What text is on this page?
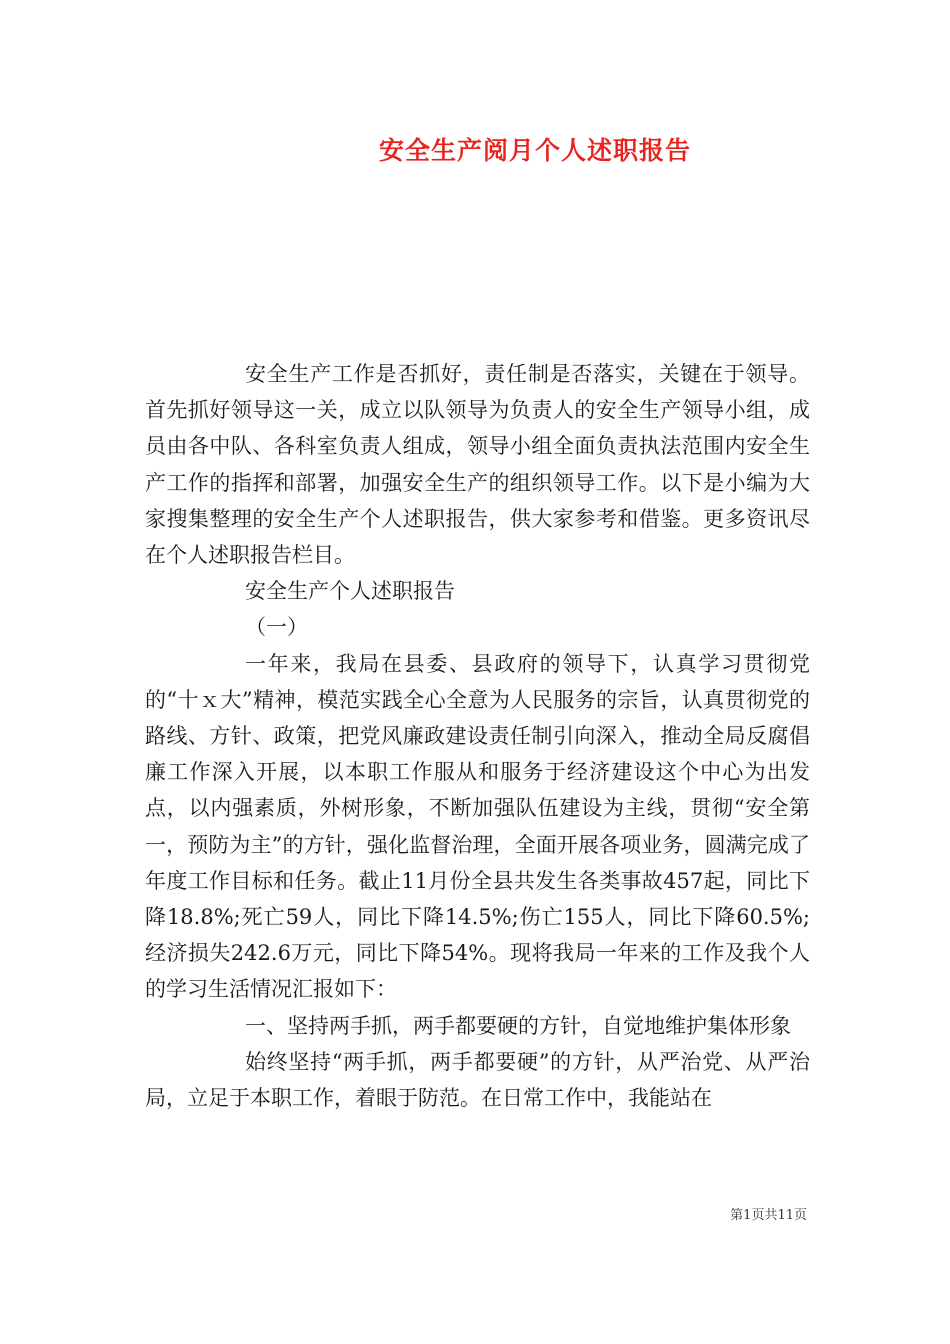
安全生产阅月个人述职报告

安全生产工作是否抓好，责任制是否落实，关键在于领导。首先抓好领导这一关，成立以队领导为负责人的安全生产领导小组，成员由各中队、各科室负责人组成，领导小组全面负责执法范围内安全生产工作的指挥和部署，加强安全生产的组织领导工作。以下是小编为大家搜集整理的安全生产个人述职报告，供大家参考和借鉴。更多资讯尽在个人述职报告栏目。

安全生产个人述职报告

（一）

一年来，我局在县委、县政府的领导下，认真学习贯彻党的“十ｘ大”精神，模范实践全心全意为人民服务的宗旨，认真贯彻党的路线、方针、政策，把党风廉政建设责任制引向深入，推动全局反腐倡廉工作深入开展，以本职工作服从和服务于经济建设这个中心为出发点，以内强素质，外树形象，不断加强队伍建设为主线，贯彻“安全第一，预防为主”的方针，强化监督治理，全面开展各项业务，圆满完成了年度工作目标和任务。截止11月份全县共发生各类事故457起，同比下降18.8%;死亡59人，同比下降14.5%;伤亡155人，同比下降60.5%;经济损失242.6万元，同比下降54%。现将我局一年来的工作及我个人的学习生活情况汇报如下：

一、坚持两手抓，两手都要硬的方针，自觉地维护集体形象

始终坚持“两手抓，两手都要硬”的方针，从严治党、从严治局，立足于本职工作，着眼于防范。在日常工作中，我能站在

第1页共11页
